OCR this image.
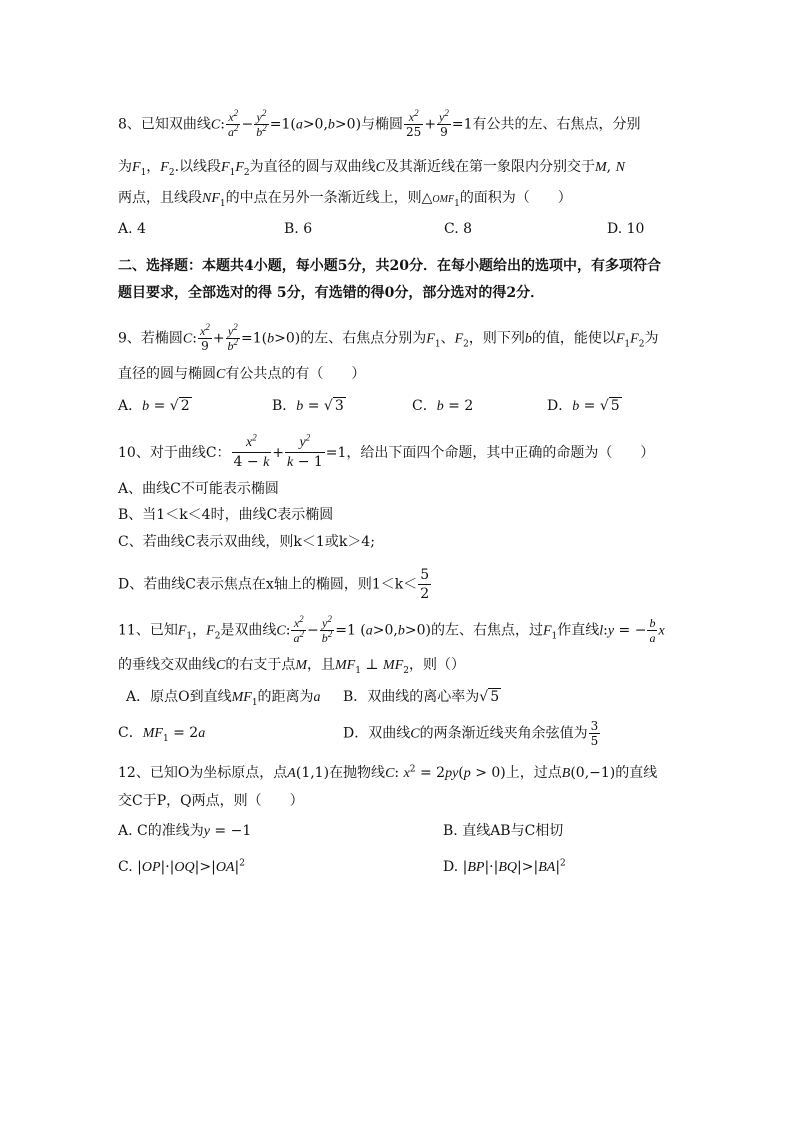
8、已知双曲线C: $\frac{x^2}{a^2} - \frac{y^2}{b^2} =1(a>0,b>0)$与椭圆 $\frac{x^2}{25} + \frac{y^2}{9} =1$有公共的左、右焦点，分别
为$F_1$，$F_2$.以线段$F_1F_2$为直径的圆与双曲线C及其渐近线在第一象限内分别交于M, N
两点，且线段$NF_1$的中点在另外一条渐近线上，则$\triangle OMF_1$的面积为（　　）
A. 4	B. 6	C. 8	D. 10
二、选择题：本题共4小题，每小题5分，共20分．在每小题给出的选项中，有多项符合
题目要求，全部选对的得 5分，有选错的得0分，部分选对的得2分．
9、若椭圆C: $\frac{x^2}{9} + \frac{y^2}{b^2} =1(b>0)$的左、右焦点分别为$F_1$、$F_2$，则下列b的值，能使以$F_1F_2$为
直径的圆与椭圆C有公共点的有（　　）
A．b = √ 2	B．b = √ 3	C．b = 2	D．b = √ 5
10、对于曲线C： $\frac{x^2}{4 - k} + \frac{y^2}{k - 1} =1$，给出下面四个命题，其中正确的命题为（　　）
A、曲线C不可能表示椭圆
B、当1＜k＜4时，曲线C表示椭圆
C、若曲线C表示双曲线，则k＜1或k＞4;
D、若曲线C表示焦点在x轴上的椭圆，则$1<k< \frac{5}{2}$
11、已知$F_1$，$F_2$是双曲线C: $\frac{x^2}{a^2} - \frac{y^2}{b^2} =1$ (a>0,b>0)的左、右焦点，过$F_1$作直线l:y = − $\frac{b}{a}$ x
的垂线交双曲线C的右支于点M，且$MF_1$ ⊥ $MF_2$，则（）
A．原点O到直线$MF_1$的距离为a B．双曲线的离心率为√ 5
C．$MF_1 = 2a$	D．双曲线C的两条渐近线夹角余弦值为 $\frac{3}{5}$
12、已知O为坐标原点，点A(1,1)在抛物线C: $x^2 = 2py(p > 0)$上，过点B(0,−1)的直线
交C于P，Q两点，则（　　）
A. C的准线为y = −1	B. 直线AB与C相切
C. $|OP|\cdot|OQ|>|OA|^2$	D. $|BP|\cdot|BQ|>|BA|^2$
